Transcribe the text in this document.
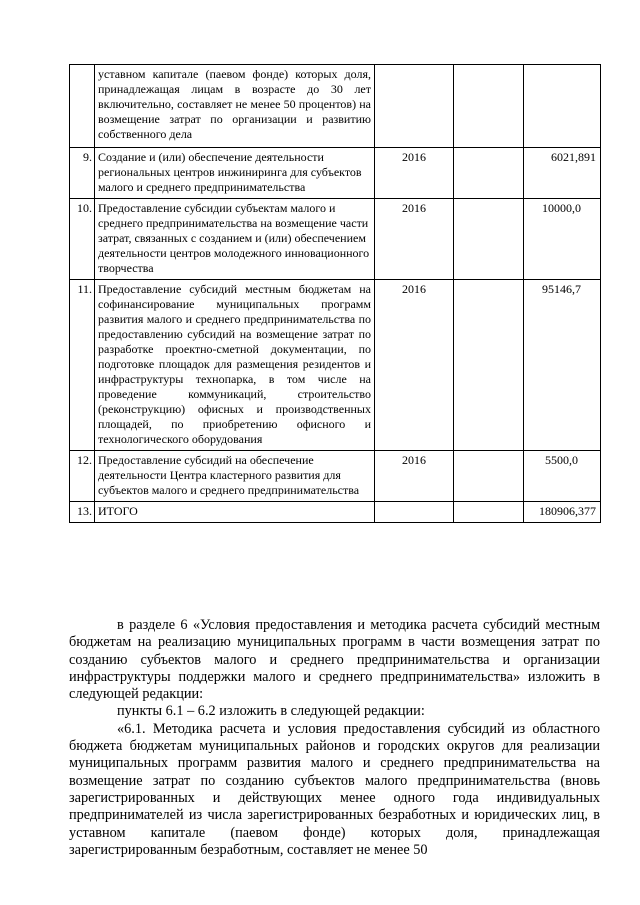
	уставном капитале (паевом фонде) которых доля, принадлежащая лицам в возрасте до 30 лет включительно, составляет не менее 50 процентов) на возмещение затрат по организации и развитию собственного дела			
9.	Создание и (или) обеспечение деятельности региональных центров инжиниринга для субъектов малого и среднего предпринимательства	2016		6021,891
10.	Предоставление субсидии субъектам малого и среднего предпринимательства на возмещение части затрат, связанных с созданием и (или) обеспечением деятельности центров молодежного инновационного творчества	2016		10000,0
11.	Предоставление субсидий местным бюджетам на софинансирование муниципальных программ развития малого и среднего предпринимательства по предоставлению субсидий на возмещение затрат по разработке проектно-сметной документации, по подготовке площадок для размещения резидентов и инфраструктуры технопарка, в том числе на проведение коммуникаций, строительство (реконструкцию) офисных и производственных площадей, по приобретению офисного и технологического оборудования	2016		95146,7
12.	Предоставление субсидий на обеспечение деятельности Центра кластерного развития для субъектов малого и среднего предпринимательства	2016		5500,0
13.	ИТОГО			180906,377

в разделе 6 «Условия предоставления и методика расчета субсидий местным бюджетам на реализацию муниципальных программ в части возмещения затрат по созданию субъектов малого и среднего предпринимательства и организации инфраструктуры поддержки малого и среднего предпринимательства» изложить в следующей редакции:

пункты 6.1 – 6.2 изложить в следующей редакции:

«6.1. Методика расчета и условия предоставления субсидий из областного бюджета бюджетам муниципальных районов и городских округов для реализации муниципальных программ развития малого и среднего предпринимательства на возмещение затрат по созданию субъектов малого предпринимательства (вновь зарегистрированных и действующих менее одного года индивидуальных предпринимателей из числа зарегистрированных безработных и юридических лиц, в уставном капитале (паевом фонде) которых доля, принадлежащая зарегистрированным безработным, составляет не менее 50
